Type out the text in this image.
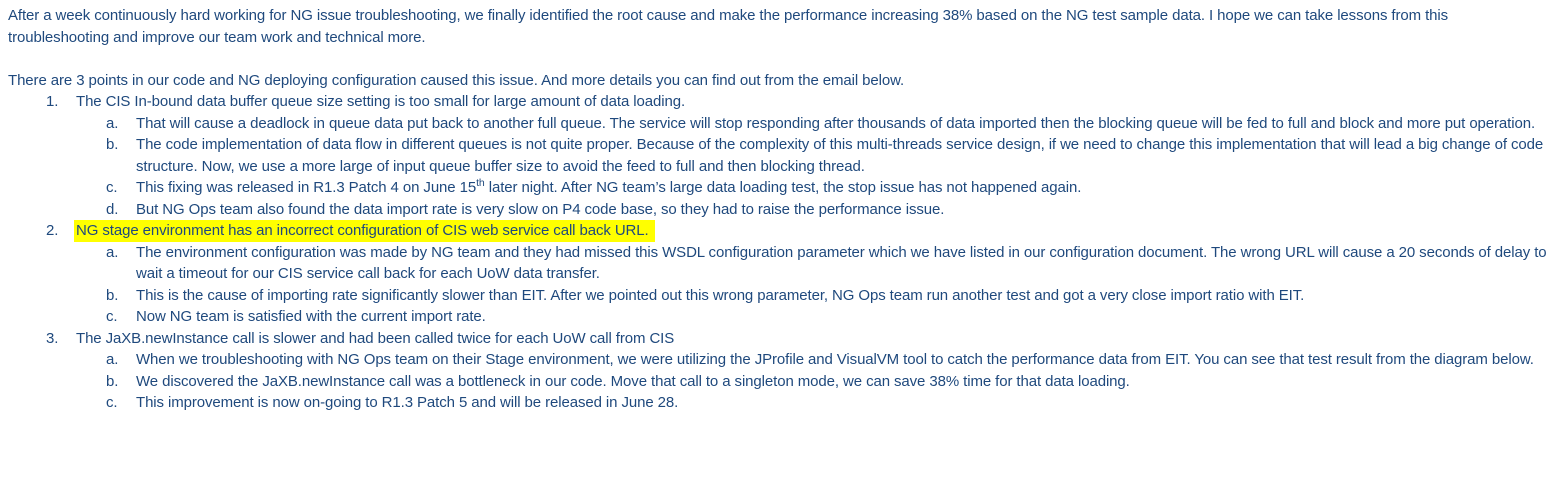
After a week continuously hard working for NG issue troubleshooting, we finally identified the root cause and make the performance increasing 38% based on the NG test sample data. I hope we can take lessons from this troubleshooting and improve our team work and technical more.

There are 3 points in our code and NG deploying configuration caused this issue. And more details you can find out from the email below.

1.	The CIS In-bound data buffer queue size setting is too small for large amount of data loading.
a.	That will cause a deadlock in queue data put back to another full queue. The service will stop responding after thousands of data imported then the blocking queue will be fed to full and block and more put operation.
b.	The code implementation of data flow in different queues is not quite proper. Because of the complexity of this multi-threads service design, if we need to change this implementation that will lead a big change of code structure. Now, we use a more large of input queue buffer size to avoid the feed to full and then blocking thread.
c.	This fixing was released in R1.3 Patch 4 on June 15th later night. After NG team’s large data loading test, the stop issue has not happened again.
d.	But NG Ops team also found the data import rate is very slow on P4 code base, so they had to raise the performance issue.
2.	NG stage environment has an incorrect configuration of CIS web service call back URL.
a.	The environment configuration was made by NG team and they had missed this WSDL configuration parameter which we have listed in our configuration document. The wrong URL will cause a 20 seconds of delay to wait a timeout for our CIS service call back for each UoW data transfer.
b.	This is the cause of importing rate significantly slower than EIT. After we pointed out this wrong parameter, NG Ops team run another test and got a very close import ratio with EIT.
c.	Now NG team is satisfied with the current import rate.
3.	The JaXB.newInstance call is slower and had been called twice for each UoW call from CIS
a.	When we troubleshooting with NG Ops team on their Stage environment, we were utilizing the JProfile and VisualVM tool to catch the performance data from EIT. You can see that test result from the diagram below.
b.	We discovered the JaXB.newInstance call was a bottleneck in our code. Move that call to a singleton mode, we can save 38% time for that data loading.
c.	This improvement is now on-going to R1.3 Patch 5 and will be released in June 28.
